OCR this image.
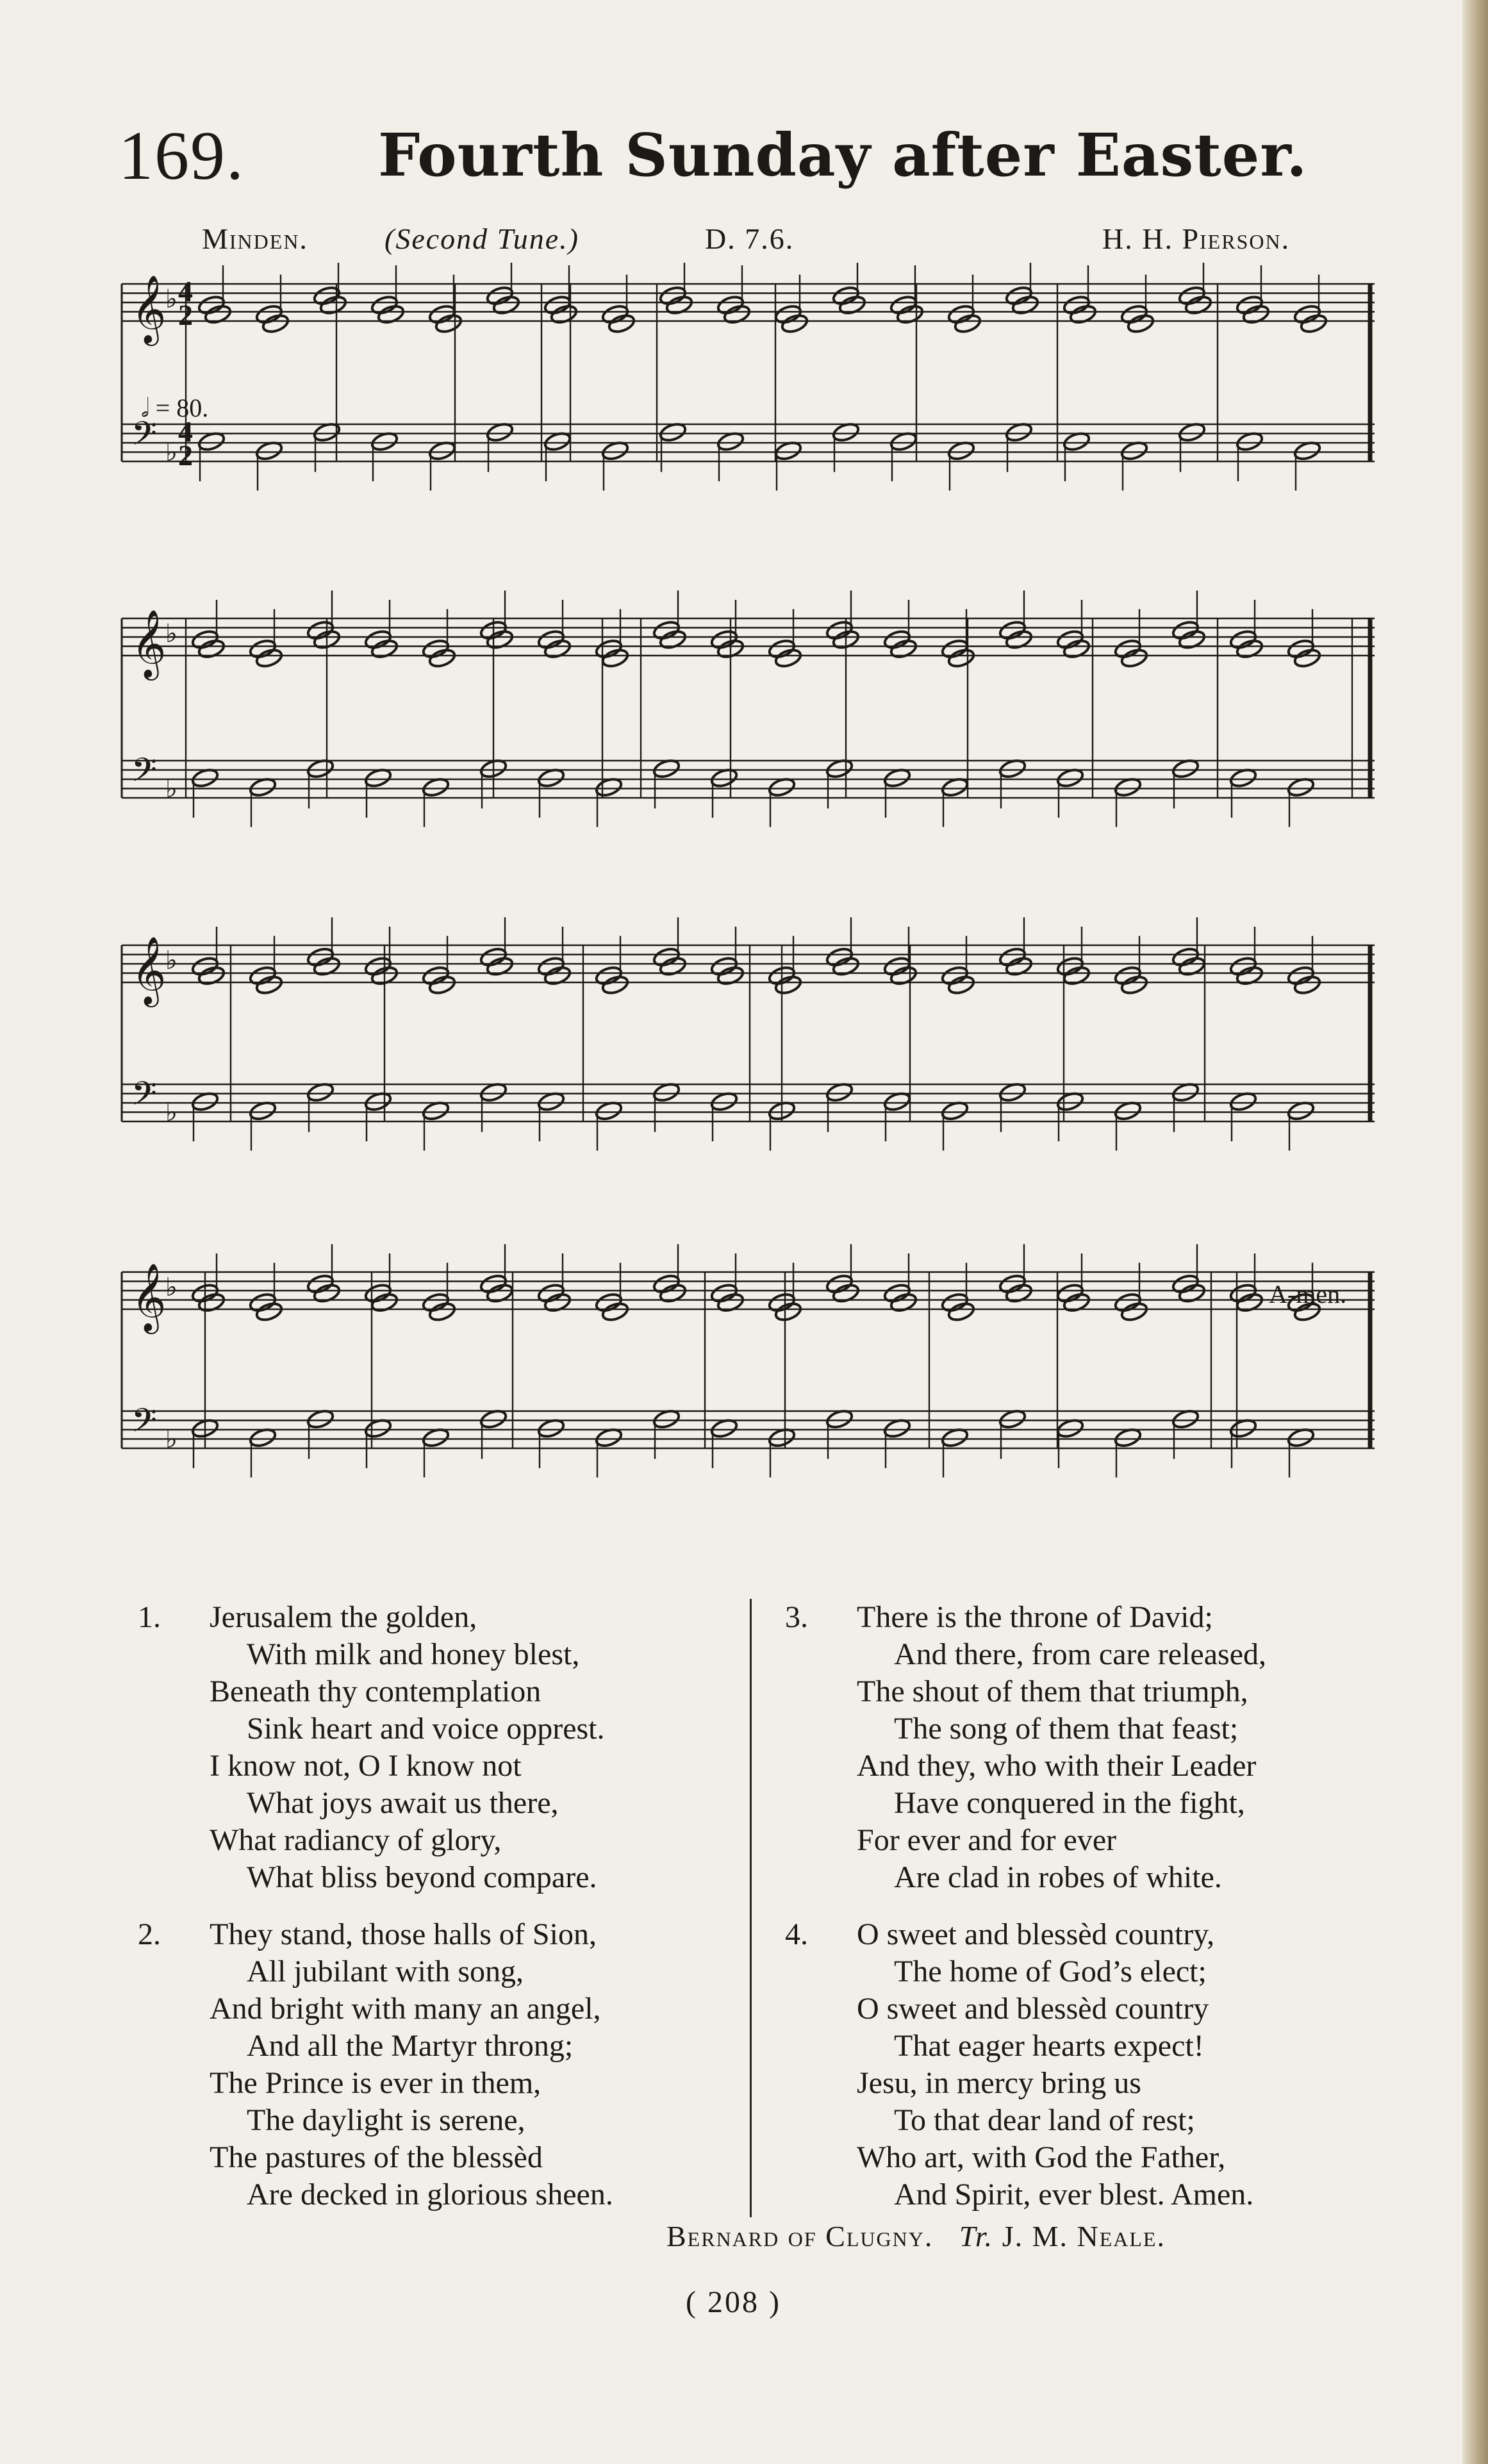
169. Fourth Sunday after Easter.
Minden.	(Second Tune.)	D. 7.6.	H. H. Pierson.
𝄞
𝄢
♭
♭
4
2
4
2
𝅗𝅥 = 80.
𝄞
𝄢
♭
♭
𝄞
𝄢
♭
♭
𝄞
𝄢
♭
♭
A-men.
1. Jerusalem the golden,
With milk and honey blest,
Beneath thy contemplation
Sink heart and voice opprest.
I know not, O I know not
What joys await us there,
What radiancy of glory,
What bliss beyond compare.
2. They stand, those halls of Sion,
All jubilant with song,
And bright with many an angel,
And all the Martyr throng;
The Prince is ever in them,
The daylight is serene,
The pastures of the blessèd
Are decked in glorious sheen.
3. There is the throne of David;
And there, from care released,
The shout of them that triumph,
The song of them that feast;
And they, who with their Leader
Have conquered in the fight,
For ever and for ever
Are clad in robes of white.
4. O sweet and blessèd country,
The home of God’s elect;
O sweet and blessèd country
That eager hearts expect!
Jesu, in mercy bring us
To that dear land of rest;
Who art, with God the Father,
And Spirit, ever blest. Amen.
Bernard of Clugny. Tr. J. M. Neale.
( 208 )
